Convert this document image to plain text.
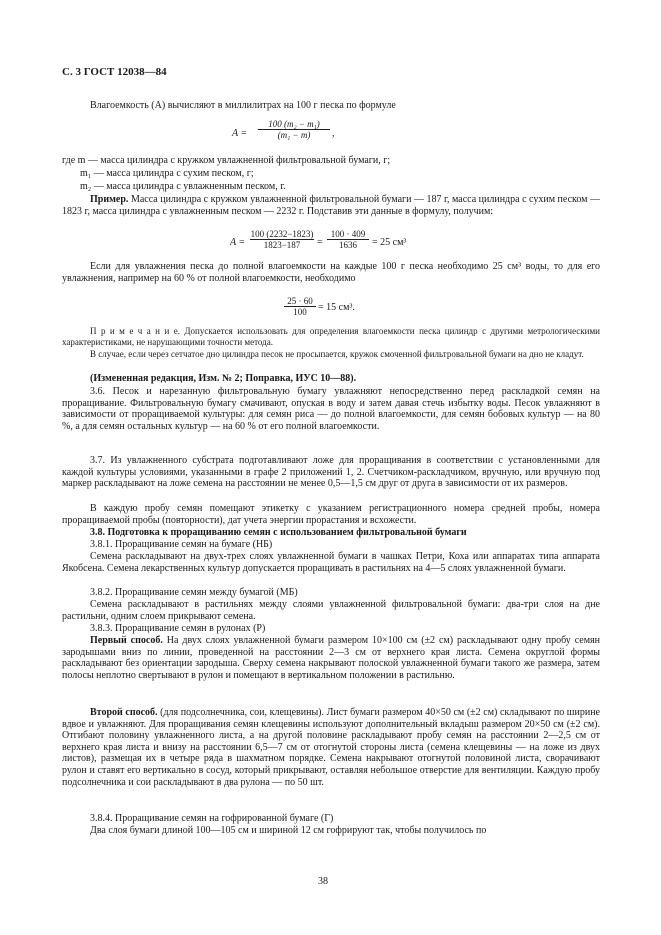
С. 3 ГОСТ 12038—84

Влагоемкость (А) вычисляют в миллилитрах на 100 г песка по формуле

$A = \frac{\text{100 (m₂ − m₁)}}{\text{(m₁ − m)}}$ ,
где m — масса цилиндра с кружком увлажненной фильтровальной бумаги, г;
m₁ — масса цилиндра с сухим песком, г;
m₂ — масса цилиндра с увлажненным песком, г.

Пример. Масса цилиндра с кружком увлажненной фильтровальной бумаги — 187 г, масса цилиндра с сухим песком — 1823 г, масса цилиндра с увлажненным песком — 2232 г. Подставив эти данные в формулу, получим:

$A = \frac{100 (2232-1823)}{1823-187} = \frac{100 \cdot 409}{1636} = 25$ см³

Если для увлажнения песка до полной влагоемкости на каждые 100 г песка необходимо 25 см³ воды, то для его увлажнения, например на 60 % от полной влагоемкости, необходимо

$\frac{25 \cdot 60}{100} = 15$ см³.

П р и м е ч а н и е. Допускается использовать для определения влагоемкости песка цилиндр с другими метрологическими характеристиками, не нарушающими точности метода.

В случае, если через сетчатое дно цилиндра песок не просыпается, кружок смоченной фильтровальной бумаги на дно не кладут.

(Измененная редакция, Изм. № 2; Поправка, ИУС 10—88).

3.6. Песок и нарезанную фильтровальную бумагу увлажняют непосредственно перед раскладкой семян на проращивание. Фильтровальную бумагу смачивают, опуская в воду и затем давая стечь избытку воды. Песок увлажняют в зависимости от проращиваемой культуры: для семян риса — до полной влагоемкости, для семян бобовых культур — на 80 %, а для семян остальных культур — на 60 % от его полной влагоемкости.

3.7. Из увлажненного субстрата подготавливают ложе для проращивания в соответствии с установленными для каждой культуры условиями, указанными в графе 2 приложений 1, 2. Счетчиком-раскладчиком, вручную, или вручную под маркер раскладывают на ложе семена на расстоянии не менее 0,5—1,5 см друг от друга в зависимости от их размеров.

В каждую пробу семян помещают этикетку с указанием регистрационного номера средней пробы, номера проращиваемой пробы (повторности), дат учета энергии прорастания и всхожести.

3.8. Подготовка к проращиванию семян с использованием фильтровальной бумаги

3.8.1. Проращивание семян на бумаге (НБ)

Семена раскладывают на двух-трех слоях увлажненной бумаги в чашках Петри, Коха или аппаратах типа аппарата Якобсена. Семена лекарственных культур допускается проращивать в растильнях на 4—5 слоях увлажненной бумаги.

3.8.2. Проращивание семян между бумагой (МБ)

Семена раскладывают в растильнях между слоями увлажненной фильтровальной бумаги: два-три слоя на дне растильни, одним слоем прикрывают семена.

3.8.3. Проращивание семян в рулонах (Р)

Первый способ. На двух слоях увлажненной бумаги размером 10×100 см (±2 см) раскладывают одну пробу семян зародышами вниз по линии, проведенной на расстоянии 2—3 см от верхнего края листа. Семена округлой формы раскладывают без ориентации зародыша. Сверху семена накрывают полоской увлажненной бумаги такого же размера, затем полосы неплотно свертывают в рулон и помещают в вертикальном положении в растильню.

Второй способ. (для подсолнечника, сои, клещевины). Лист бумаги размером 40×50 см (±2 см) складывают по ширине вдвое и увлажняют. Для проращивания семян клещевины используют дополнительный вкладыш размером 20×50 см (±2 см). Отгибают половину увлажненного листа, а на другой половине раскладывают пробу семян на расстоянии 2—2,5 см от верхнего края листа и внизу на расстоянии 6,5—7 см от отогнутой стороны листа (семена клещевины — на ложе из двух листов), размещая их в четыре ряда в шахматном порядке. Семена накрывают отогнутой половиной листа, сворачивают рулон и ставят его вертикально в сосуд, который прикрывают, оставляя небольшое отверстие для вентиляции. Каждую пробу подсолнечника и сои раскладывают в два рулона — по 50 шт.

3.8.4. Проращивание семян на гофрированной бумаге (Г)

Два слоя бумаги длиной 100—105 см и шириной 12 см гофрируют так, чтобы получилось по

38
